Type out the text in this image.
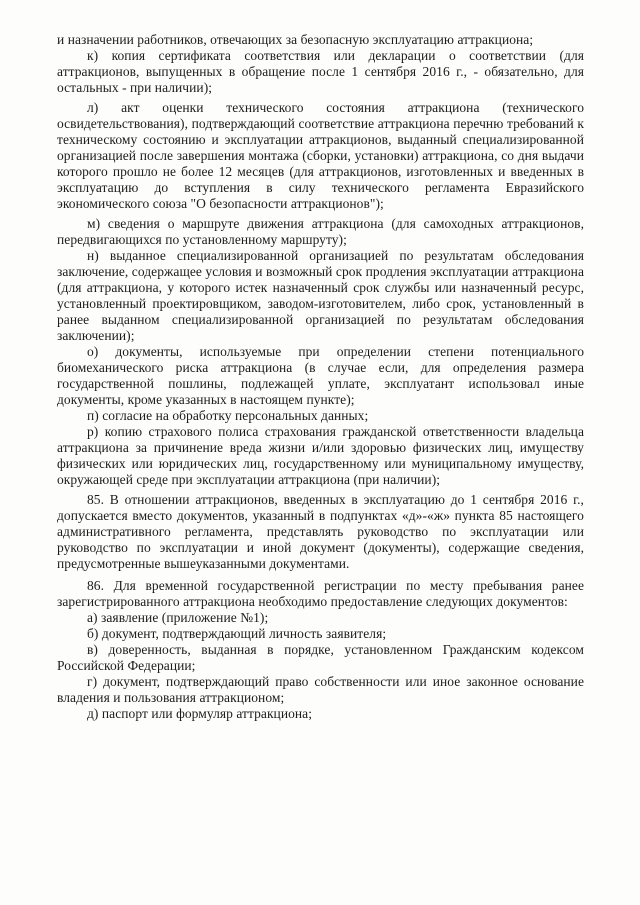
и назначении работников, отвечающих за безопасную эксплуатацию аттракциона;

к) копия сертификата соответствия или декларации о соответствии (для аттракционов, выпущенных в обращение после 1 сентября 2016 г., - обязательно, для остальных - при наличии);

л) акт оценки технического состояния аттракциона (технического освидетельствования), подтверждающий соответствие аттракциона перечню требований к техническому состоянию и эксплуатации аттракционов, выданный специализированной организацией после завершения монтажа (сборки, установки) аттракциона, со дня выдачи которого прошло не более 12 месяцев (для аттракционов, изготовленных и введенных в эксплуатацию до вступления в силу технического регламента Евразийского экономического союза "О безопасности аттракционов");

м) сведения о маршруте движения аттракциона (для самоходных аттракционов, передвигающихся по установленному маршруту);

н) выданное специализированной организацией по результатам обследования заключение, содержащее условия и возможный срок продления эксплуатации аттракциона (для аттракциона, у которого истек назначенный срок службы или назначенный ресурс, установленный проектировщиком, заводом-изготовителем, либо срок, установленный в ранее выданном специализированной организацией по результатам обследования заключении);

о) документы, используемые при определении степени потенциального биомеханического риска аттракциона (в случае если, для определения размера государственной пошлины, подлежащей уплате, эксплуатант использовал иные документы, кроме указанных в настоящем пункте);

п) согласие на обработку персональных данных;

р) копию страхового полиса страхования гражданской ответственности владельца аттракциона за причинение вреда жизни и/или здоровью физических лиц, имуществу физических или юридических лиц, государственному или муниципальному имуществу, окружающей среде при эксплуатации аттракциона (при наличии);

85. В отношении аттракционов, введенных в эксплуатацию до 1 сентября 2016 г., допускается вместо документов, указанный в подпунктах «д»-«ж» пункта 85 настоящего административного регламента, представлять руководство по эксплуатации или руководство по эксплуатации и иной документ (документы), содержащие сведения, предусмотренные вышеуказанными документами.

86. Для временной государственной регистрации по месту пребывания ранее зарегистрированного аттракциона необходимо предоставление следующих документов:

а) заявление (приложение №1);

б) документ, подтверждающий личность заявителя;

в) доверенность, выданная в порядке, установленном Гражданским кодексом Российской Федерации;

г) документ, подтверждающий право собственности или иное законное основание владения и пользования аттракционом;

д) паспорт или формуляр аттракциона;
